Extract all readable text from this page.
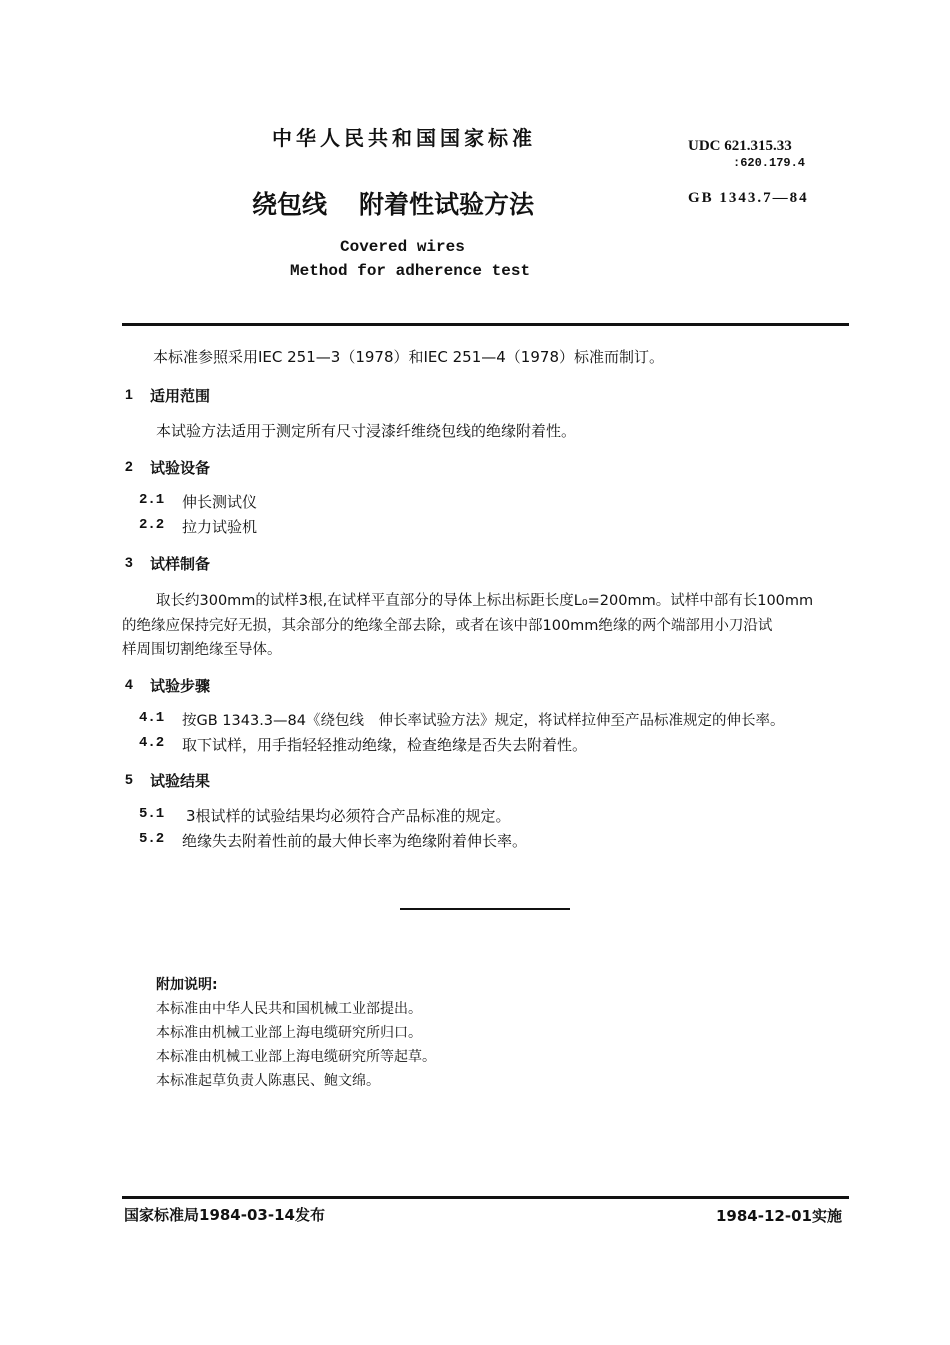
中华人民共和国国家标准	UDC 621.315.33
:620.179.4
绕包线 附着性试验方法	GB 1343.7—84
Covered wires
Method for adherence test
本标准参照采用IEC 251—3（1978）和IEC 251—4（1978）标准而制订。
1 适用范围
本试验方法适用于测定所有尺寸浸漆纤维绕包线的绝缘附着性。
2 试验设备
2.1 伸长测试仪
2.2 拉力试验机
3 试样制备
取长约300mm的试样3根,在试样平直部分的导体上标出标距长度L₀=200mm。试样中部有长100mm
的绝缘应保持完好无损，其余部分的绝缘全部去除，或者在该中部100mm绝缘的两个端部用小刀沿试
样周围切割绝缘至导体。
4 试验步骤
4.1 按GB 1343.3—84《绕包线　伸长率试验方法》规定，将试样拉伸至产品标准规定的伸长率。
4.2 取下试样，用手指轻轻推动绝缘，检查绝缘是否失去附着性。
5 试验结果
5.1 3根试样的试验结果均必须符合产品标准的规定。
5.2 绝缘失去附着性前的最大伸长率为绝缘附着伸长率。
附加说明:
本标准由中华人民共和国机械工业部提出。
本标准由机械工业部上海电缆研究所归口。
本标准由机械工业部上海电缆研究所等起草。
本标准起草负责人陈惠民、鲍文绵。
国家标准局1984-03-14发布	1984-12-01实施
